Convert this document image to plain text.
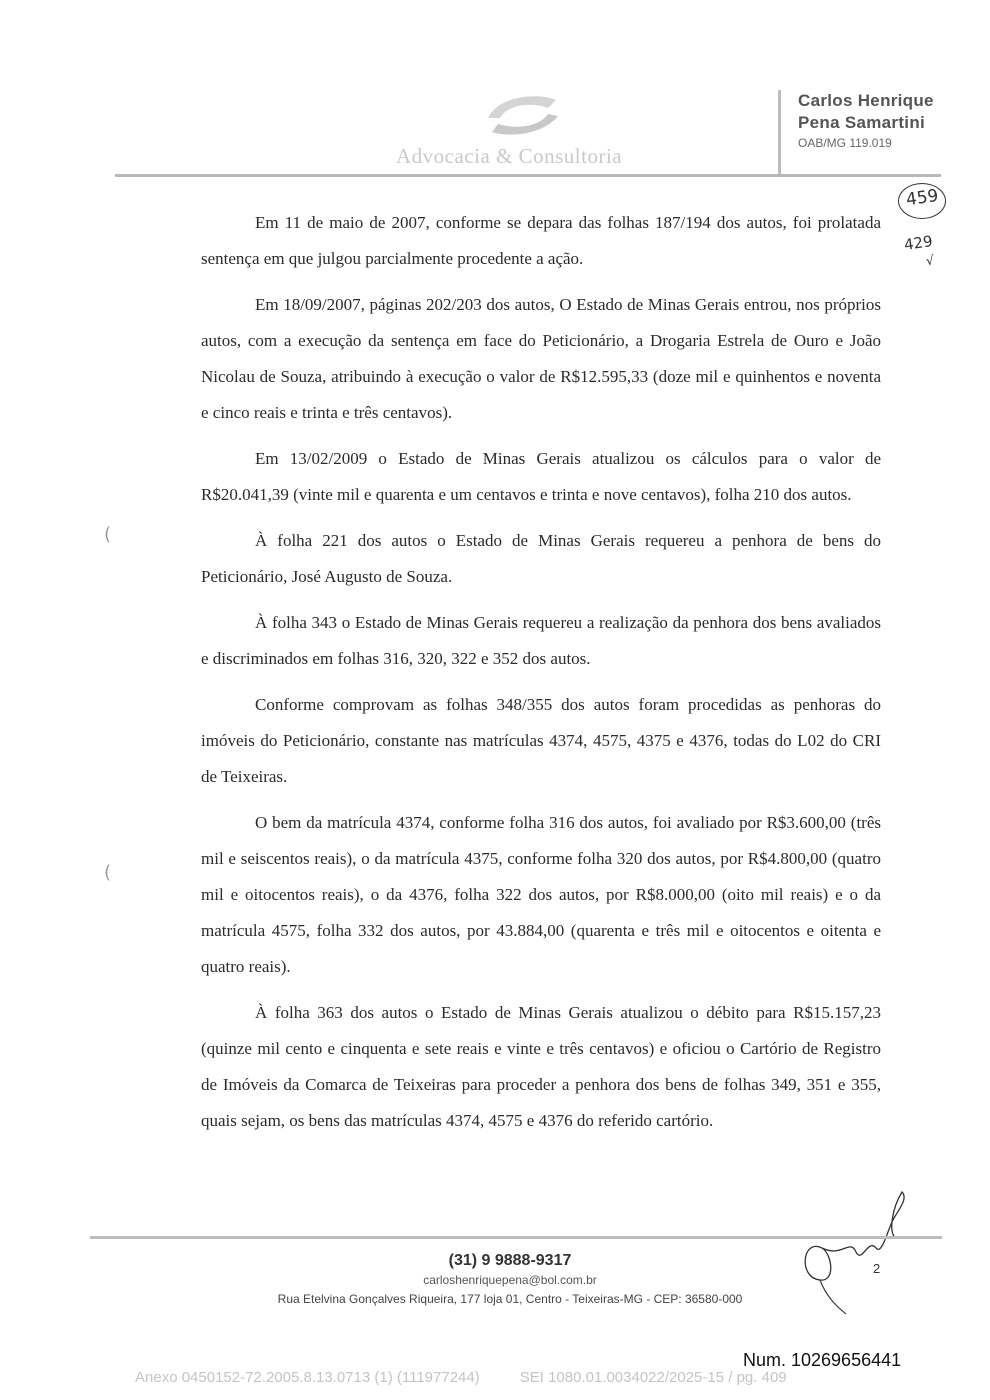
Advocacia & Consultoria
Carlos Henrique
Pena Samartini
OAB/MG 119.019
459
429
√
(
(

Em 11 de maio de 2007, conforme se depara das folhas 187/194 dos autos, foi prolatada sentença em que julgou parcialmente procedente a ação.

Em 18/09/2007, páginas 202/203 dos autos, O Estado de Minas Gerais entrou, nos próprios autos, com a execução da sentença em face do Peticionário, a Drogaria Estrela de Ouro e João Nicolau de Souza, atribuindo à execução o valor de R$12.595,33 (doze mil e quinhentos e noventa e cinco reais e trinta e três centavos).

Em 13/02/2009 o Estado de Minas Gerais atualizou os cálculos para o valor de R$20.041,39 (vinte mil e quarenta e um centavos e trinta e nove centavos), folha 210 dos autos.

À folha 221 dos autos o Estado de Minas Gerais requereu a penhora de bens do Peticionário, José Augusto de Souza.

À folha 343 o Estado de Minas Gerais requereu a realização da penhora dos bens avaliados e discriminados em folhas 316, 320, 322 e 352 dos autos.

Conforme comprovam as folhas 348/355 dos autos foram procedidas as penhoras do imóveis do Peticionário, constante nas matrículas 4374, 4575, 4375 e 4376, todas do L02 do CRI de Teixeiras.

O bem da matrícula 4374, conforme folha 316 dos autos, foi avaliado por R$3.600,00 (três mil e seiscentos reais), o da matrícula 4375, conforme folha 320 dos autos, por R$4.800,00 (quatro mil e oitocentos reais), o da 4376, folha 322 dos autos, por R$8.000,00 (oito mil reais) e o da matrícula 4575, folha 332 dos autos, por 43.884,00 (quarenta e três mil e oitocentos e oitenta e quatro reais).

À folha 363 dos autos o Estado de Minas Gerais atualizou o débito para R$15.157,23 (quinze mil cento e cinquenta e sete reais e vinte e três centavos) e oficiou o Cartório de Registro de Imóveis da Comarca de Teixeiras para proceder a penhora dos bens de folhas 349, 351 e 355, quais sejam, os bens das matrículas 4374, 4575 e 4376 do referido cartório.

(31) 9 9888-9317
carloshenriquepena@bol.com.br
Rua Etelvina Gonçalves Riqueira, 177 loja 01, Centro - Teixeiras-MG - CEP: 36580-000
2
Num. 10269656441
Anexo 0450152-72.2005.8.13.0713 (1) (111977244)	SEI 1080.01.0034022/2025-15 / pg. 409
